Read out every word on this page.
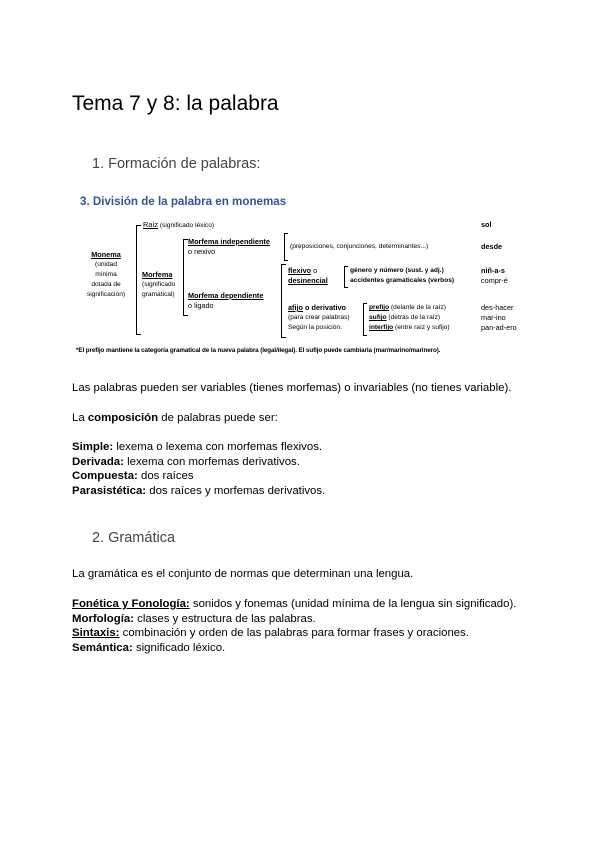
Tema 7 y 8: la palabra
1. Formación de palabras:
3. División de la palabra en monemas
Monema
(unidad
mínima
dotada de
significación)
Raíz (significado léxico)	sol
Morfema
(significado
gramatical)
Morfema independiente
o nexivo
(preposiciones, conjunciones, determinantes...)	desde
Morfema dependiente
o ligado
flexivo o
desinencial
género y número (sust. y adj.)
accidentes gramaticales (verbos)
niñ-a-s
compr-é
afijo o derivativo
(para crear palabras)
Según la posición:
prefijo (delante de la raíz)
sufijo (detrás de la raíz)
interfijo (entre raíz y sufijo)
des-hacer
mar-ino
pan-ad-ero
*El prefijo mantiene la categoría gramatical de la nueva palabra (legal/ilegal). El sufijo puede cambiarla (mar/marino/marinero).
Las palabras pueden ser variables (tienes morfemas) o invariables (no tienes variable).
La composición de palabras puede ser:
Simple: lexema o lexema con morfemas flexivos.
Derivada: lexema con morfemas derivativos.
Compuesta: dos raíces
Parasistética: dos raíces y morfemas derivativos.
2. Gramática
La gramática es el conjunto de normas que determinan una lengua.
Fonética y Fonología: sonidos y fonemas (unidad mínima de la lengua sin significado).
Morfología: clases y estructura de las palabras.
Sintaxis: combinación y orden de las palabras para formar frases y oraciones.
Semántica: significado léxico.
